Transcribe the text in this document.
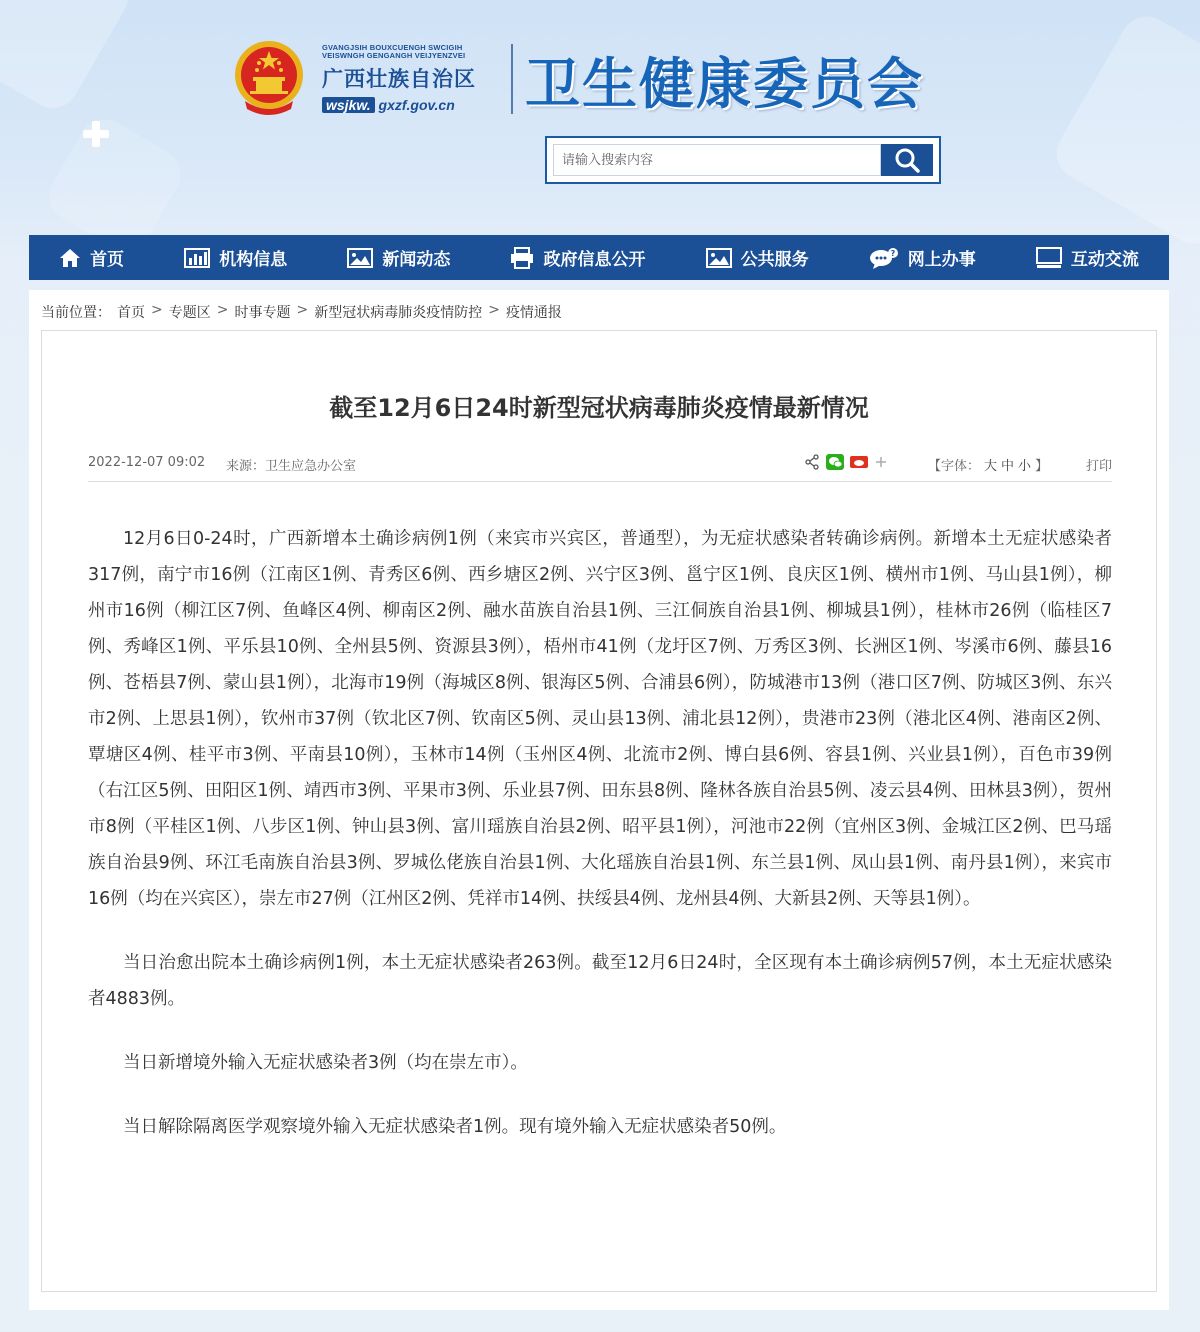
GVANGJSIH BOUXCUENGH SWCIGIH
VEISWNGH GENGANGH VEIJYENZVEI
广西壮族自治区
wsjkw. gxzf.gov.cn	卫生健康委员会
请输入搜索内容
首页	机构信息	新闻动态	政府信息公开	公共服务	? 网上办事	互动交流
当前位置： 首页 > 专题区 > 时事专题 > 新型冠状病毒肺炎疫情防控 > 疫情通报
截至12月6日24时新型冠状病毒肺炎疫情最新情况
2022-12-07 09:02 来源：卫生应急办公室	【字体： 大 中 小 】	打印

12月6日0-24时，广西新增本土确诊病例1例（来宾市兴宾区，普通型），为无症状感染者转确诊病例。新增本土无症状感染者317例，南宁市16例（江南区1例、青秀区6例、西乡塘区2例、兴宁区3例、邕宁区1例、良庆区1例、横州市1例、马山县1例），柳州市16例（柳江区7例、鱼峰区4例、柳南区2例、融水苗族自治县1例、三江侗族自治县1例、柳城县1例），桂林市26例（临桂区7例、秀峰区1例、平乐县10例、全州县5例、资源县3例），梧州市41例（龙圩区7例、万秀区3例、长洲区1例、岑溪市6例、藤县16例、苍梧县7例、蒙山县1例），北海市19例（海城区8例、银海区5例、合浦县6例），防城港市13例（港口区7例、防城区3例、东兴市2例、上思县1例），钦州市37例（钦北区7例、钦南区5例、灵山县13例、浦北县12例），贵港市23例（港北区4例、港南区2例、覃塘区4例、桂平市3例、平南县10例），玉林市14例（玉州区4例、北流市2例、博白县6例、容县1例、兴业县1例），百色市39例（右江区5例、田阳区1例、靖西市3例、平果市3例、乐业县7例、田东县8例、隆林各族自治县5例、凌云县4例、田林县3例），贺州市8例（平桂区1例、八步区1例、钟山县3例、富川瑶族自治县2例、昭平县1例），河池市22例（宜州区3例、金城江区2例、巴马瑶族自治县9例、环江毛南族自治县3例、罗城仫佬族自治县1例、大化瑶族自治县1例、东兰县1例、凤山县1例、南丹县1例），来宾市16例（均在兴宾区），崇左市27例（江州区2例、凭祥市14例、扶绥县4例、龙州县4例、大新县2例、天等县1例）。

当日治愈出院本土确诊病例1例，本土无症状感染者263例。截至12月6日24时，全区现有本土确诊病例57例，本土无症状感染者4883例。

当日新增境外输入无症状感染者3例（均在崇左市）。

当日解除隔离医学观察境外输入无症状感染者1例。现有境外输入无症状感染者50例。
